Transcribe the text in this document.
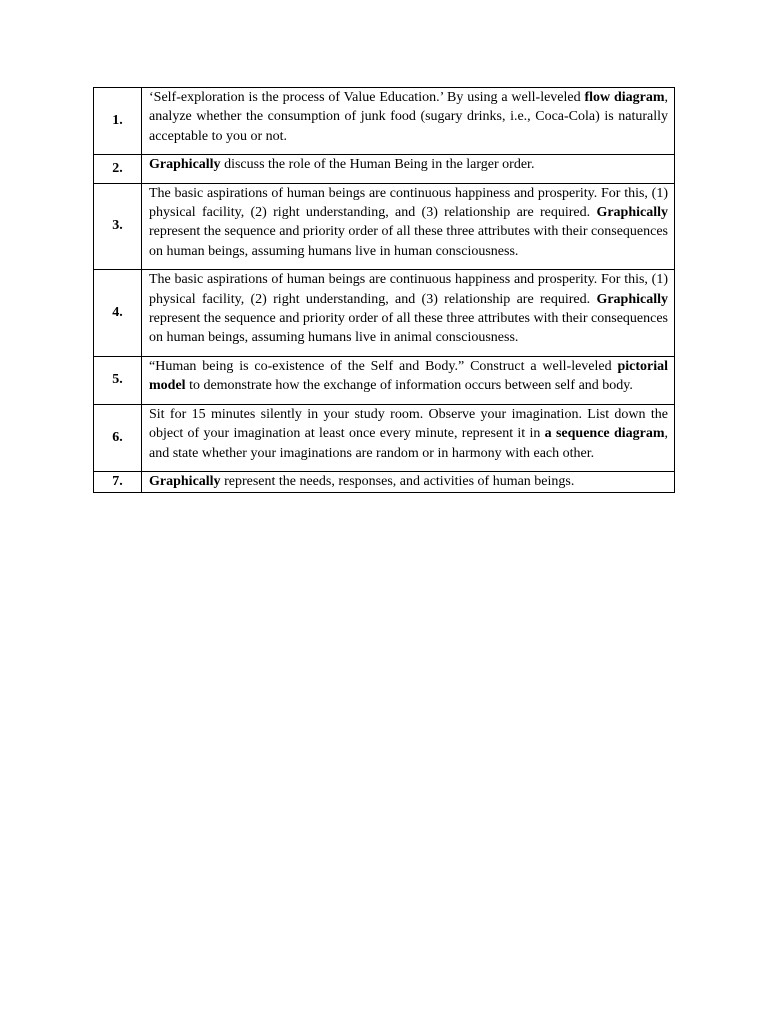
1.	‘Self-exploration is the process of Value Education.’ By using a well-leveled flow diagram, analyze whether the consumption of junk food (sugary drinks, i.e., Coca-Cola) is naturally acceptable to you or not.
2.	Graphically discuss the role of the Human Being in the larger order.
3.	The basic aspirations of human beings are continuous happiness and prosperity. For this, (1) physical facility, (2) right understanding, and (3) relationship are required. Graphically represent the sequence and priority order of all these three attributes with their consequences on human beings, assuming humans live in human consciousness.
4.	The basic aspirations of human beings are continuous happiness and prosperity. For this, (1) physical facility, (2) right understanding, and (3) relationship are required. Graphically represent the sequence and priority order of all these three attributes with their consequences on human beings, assuming humans live in animal consciousness.
5.	“Human being is co-existence of the Self and Body.” Construct a well-leveled pictorial model to demonstrate how the exchange of information occurs between self and body.
6.	Sit for 15 minutes silently in your study room. Observe your imagination. List down the object of your imagination at least once every minute, represent it in a sequence diagram, and state whether your imaginations are random or in harmony with each other.
7.	Graphically represent the needs, responses, and activities of human beings.
